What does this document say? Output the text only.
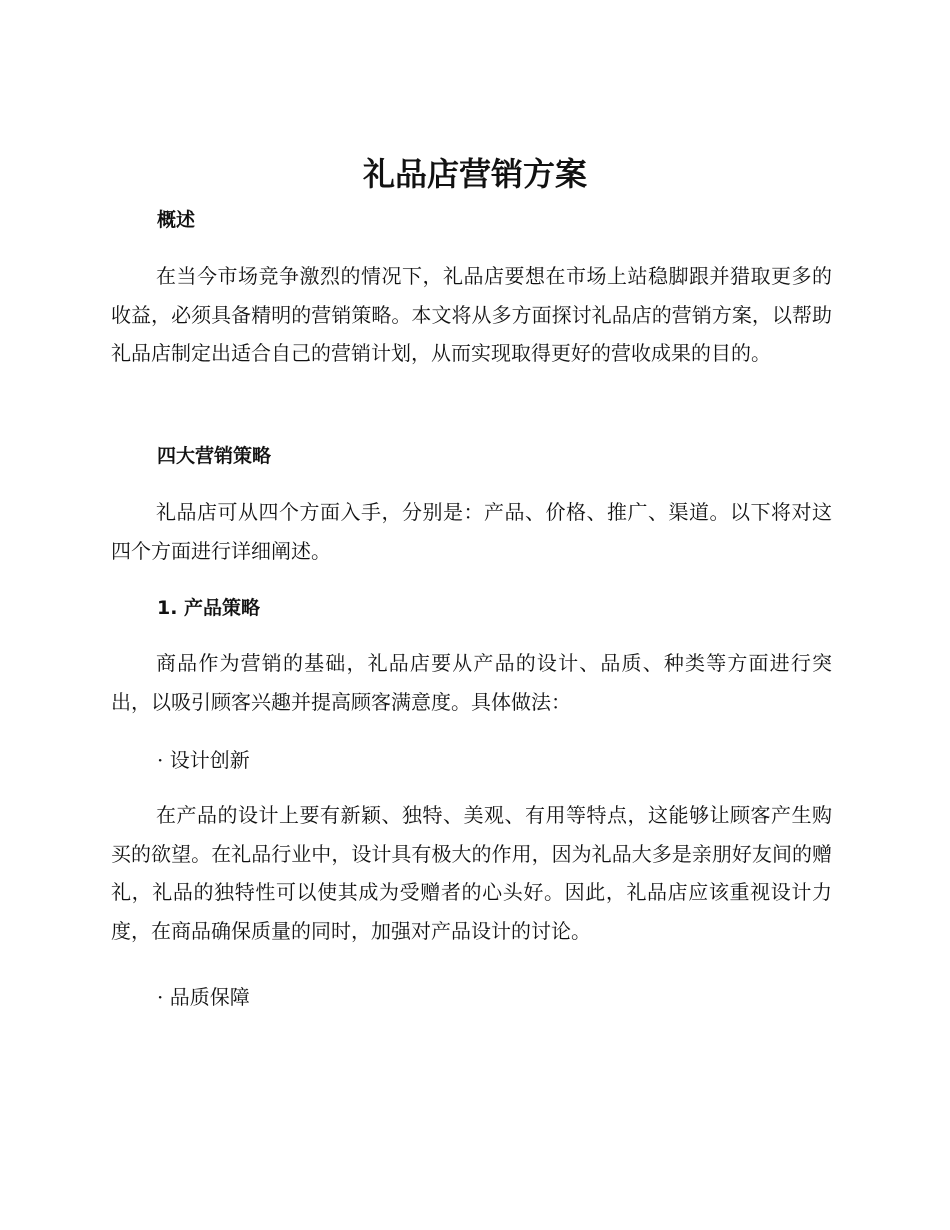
礼品店营销方案
概述

在当今市场竞争激烈的情况下，礼品店要想在市场上站稳脚跟并猎取更多的收益，必须具备精明的营销策略。本文将从多方面探讨礼品店的营销方案，以帮助礼品店制定出适合自己的营销计划，从而实现取得更好的营收成果的目的。

四大营销策略

礼品店可从四个方面入手，分别是：产品、价格、推广、渠道。以下将对这四个方面进行详细阐述。

1. 产品策略

商品作为营销的基础，礼品店要从产品的设计、品质、种类等方面进行突出，以吸引顾客兴趣并提高顾客满意度。具体做法：

· 设计创新

在产品的设计上要有新颖、独特、美观、有用等特点，这能够让顾客产生购买的欲望。在礼品行业中，设计具有极大的作用，因为礼品大多是亲朋好友间的赠礼，礼品的独特性可以使其成为受赠者的心头好。因此，礼品店应该重视设计力度，在商品确保质量的同时，加强对产品设计的讨论。

· 品质保障
